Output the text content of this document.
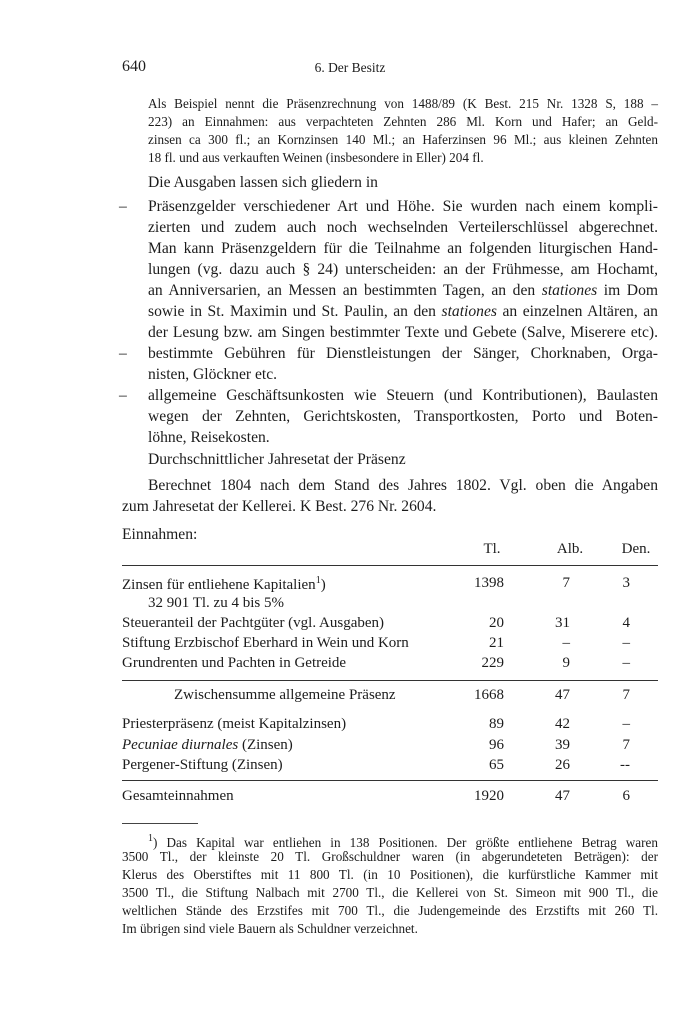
640	6. Der Besitz
Als Beispiel nennt die Präsenzrechnung von 1488/89 (K Best. 215 Nr. 1328 S, 188 –
223) an Einnahmen: aus verpachteten Zehnten 286 Ml. Korn und Hafer; an Geld-
zinsen ca 300 fl.; an Kornzinsen 140 Ml.; an Haferzinsen 96 Ml.; aus kleinen Zehnten
18 fl. und aus verkauften Weinen (insbesondere in Eller) 204 fl.
Die Ausgaben lassen sich gliedern in
– Präsenzgelder verschiedener Art und Höhe. Sie wurden nach einem kompli-
zierten und zudem auch noch wechselnden Verteilerschlüssel abgerechnet.
Man kann Präsenzgeldern für die Teilnahme an folgenden liturgischen Hand-
lungen (vg. dazu auch § 24) unterscheiden: an der Frühmesse, am Hochamt,
an Anniversarien, an Messen an bestimmten Tagen, an den stationes im Dom
sowie in St. Maximin und St. Paulin, an den stationes an einzelnen Altären, an
der Lesung bzw. am Singen bestimmter Texte und Gebete (Salve, Miserere etc).
– bestimmte Gebühren für Dienstleistungen der Sänger, Chorknaben, Orga-
nisten, Glöckner etc.
– allgemeine Geschäftsunkosten wie Steuern (und Kontributionen), Baulasten
wegen der Zehnten, Gerichtskosten, Transportkosten, Porto und Boten-
löhne, Reisekosten.
Durchschnittlicher Jahresetat der Präsenz
Berechnet 1804 nach dem Stand des Jahres 1802. Vgl. oben die Angaben
zum Jahresetat der Kellerei. K Best. 276 Nr. 2604.
Einnahmen:
Tl.	Alb.	Den.
Zinsen für entliehene Kapitalien$^1$)	1398	7	3
32 901 Tl. zu 4 bis 5%
Steueranteil der Pachtgüter (vgl. Ausgaben)	20	31	4
Stiftung Erzbischof Eberhard in Wein und Korn	21	–	–
Grundrenten und Pachten in Getreide	229	9	–
Zwischensumme allgemeine Präsenz	1668	47	7
Priesterpräsenz (meist Kapitalzinsen)	89	42	–
Pecuniae diurnales (Zinsen)	96	39	7
Pergener-Stiftung (Zinsen)	65	26	--
Gesamteinnahmen	1920	47	6
$^1$) Das Kapital war entliehen in 138 Positionen. Der größte entliehene Betrag waren
3500 Tl., der kleinste 20 Tl. Großschuldner waren (in abgerundeteten Beträgen): der
Klerus des Oberstiftes mit 11 800 Tl. (in 10 Positionen), die kurfürstliche Kammer mit
3500 Tl., die Stiftung Nalbach mit 2700 Tl., die Kellerei von St. Simeon mit 900 Tl., die
weltlichen Stände des Erzstifes mit 700 Tl., die Judengemeinde des Erzstifts mit 260 Tl.
Im übrigen sind viele Bauern als Schuldner verzeichnet.
